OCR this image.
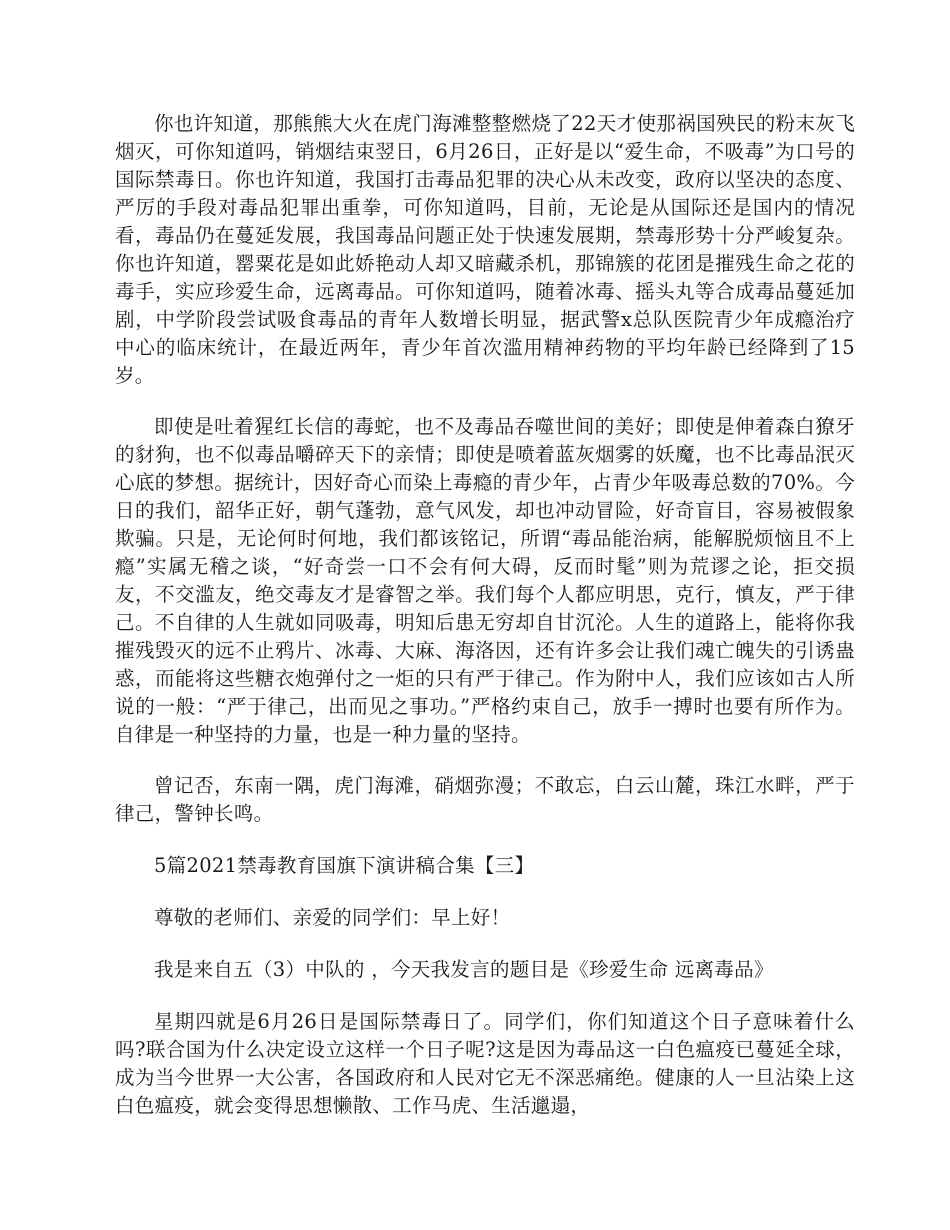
你也许知道，那熊熊大火在虎门海滩整整燃烧了22天才使那祸国殃民的粉末灰飞烟灭，可你知道吗，销烟结束翌日，6月26日，正好是以“爱生命，不吸毒”为口号的国际禁毒日。你也许知道，我国打击毒品犯罪的决心从未改变，政府以坚决的态度、严厉的手段对毒品犯罪出重拳，可你知道吗，目前，无论是从国际还是国内的情况看，毒品仍在蔓延发展，我国毒品问题正处于快速发展期，禁毒形势十分严峻复杂。你也许知道，罂粟花是如此娇艳动人却又暗藏杀机，那锦簇的花团是摧残生命之花的毒手，实应珍爱生命，远离毒品。可你知道吗，随着冰毒、摇头丸等合成毒品蔓延加剧，中学阶段尝试吸食毒品的青年人数增长明显，据武警x总队医院青少年成瘾治疗中心的临床统计，在最近两年，青少年首次滥用精神药物的平均年龄已经降到了15岁。

即使是吐着猩红长信的毒蛇，也不及毒品吞噬世间的美好；即使是伸着森白獠牙的豺狗，也不似毒品嚼碎天下的亲情；即使是喷着蓝灰烟雾的妖魔，也不比毒品泯灭心底的梦想。据统计，因好奇心而染上毒瘾的青少年，占青少年吸毒总数的70%。今日的我们，韶华正好，朝气蓬勃，意气风发，却也冲动冒险，好奇盲目，容易被假象欺骗。只是，无论何时何地，我们都该铭记，所谓“毒品能治病，能解脱烦恼且不上瘾”实属无稽之谈，“好奇尝一口不会有何大碍，反而时髦”则为荒谬之论，拒交损友，不交滥友，绝交毒友才是睿智之举。我们每个人都应明思，克行，慎友，严于律己。不自律的人生就如同吸毒，明知后患无穷却自甘沉沦。人生的道路上，能将你我摧残毁灭的远不止鸦片、冰毒、大麻、海洛因，还有许多会让我们魂亡魄失的引诱蛊惑，而能将这些糖衣炮弹付之一炬的只有严于律己。作为附中人，我们应该如古人所说的一般：“严于律己，出而见之事功。”严格约束自己，放手一搏时也要有所作为。自律是一种坚持的力量，也是一种力量的坚持。

曾记否，东南一隅，虎门海滩，硝烟弥漫；不敢忘，白云山麓，珠江水畔，严于律己，警钟长鸣。

5篇2021禁毒教育国旗下演讲稿合集【三】

尊敬的老师们、亲爱的同学们：早上好！

我是来自五（3）中队的 ，今天我发言的题目是《珍爱生命 远离毒品》

星期四就是6月26日是国际禁毒日了。同学们，你们知道这个日子意味着什么吗?联合国为什么决定设立这样一个日子呢?这是因为毒品这一白色瘟疫已蔓延全球，成为当今世界一大公害，各国政府和人民对它无不深恶痛绝。健康的人一旦沾染上这白色瘟疫，就会变得思想懒散、工作马虎、生活邋遢，
